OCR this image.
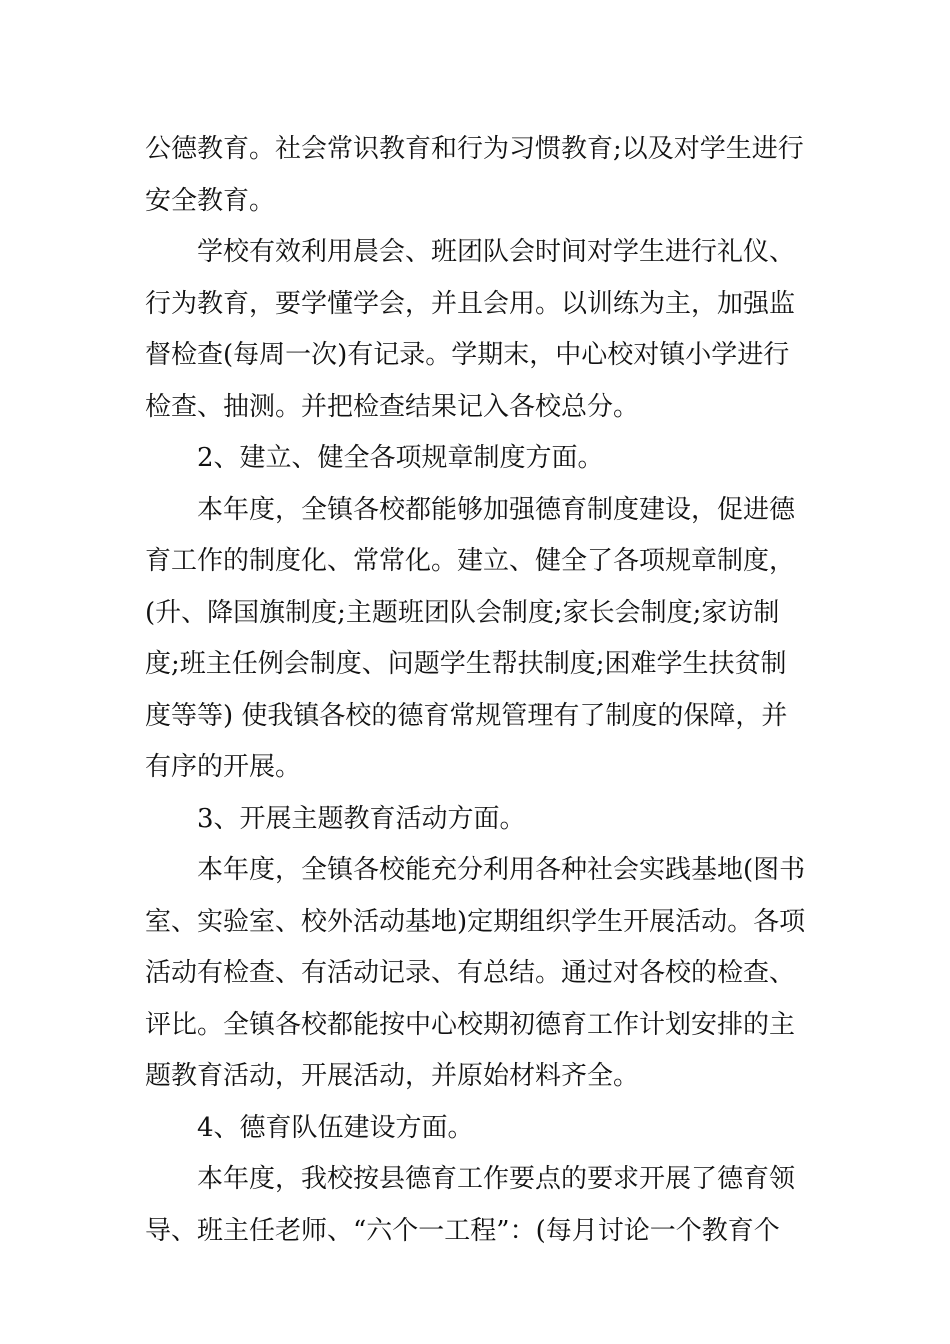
公德教育。社会常识教育和行为习惯教育;以及对学生进行
安全教育。
学校有效利用晨会、班团队会时间对学生进行礼仪、
行为教育，要学懂学会，并且会用。以训练为主，加强监
督检查(每周一次)有记录。学期末，中心校对镇小学进行
检查、抽测。并把检查结果记入各校总分。
2、建立、健全各项规章制度方面。
本年度，全镇各校都能够加强德育制度建设，促进德
育工作的制度化、常常化。建立、健全了各项规章制度，
(升、降国旗制度;主题班团队会制度;家长会制度;家访制
度;班主任例会制度、问题学生帮扶制度;困难学生扶贫制
度等等) 使我镇各校的德育常规管理有了制度的保障，并
有序的开展。
3、开展主题教育活动方面。
本年度，全镇各校能充分利用各种社会实践基地(图书
室、实验室、校外活动基地)定期组织学生开展活动。各项
活动有检查、有活动记录、有总结。通过对各校的检查、
评比。全镇各校都能按中心校期初德育工作计划安排的主
题教育活动，开展活动，并原始材料齐全。
4、德育队伍建设方面。
本年度，我校按县德育工作要点的要求开展了德育领
导、班主任老师、“六个一工程”：(每月讨论一个教育个
